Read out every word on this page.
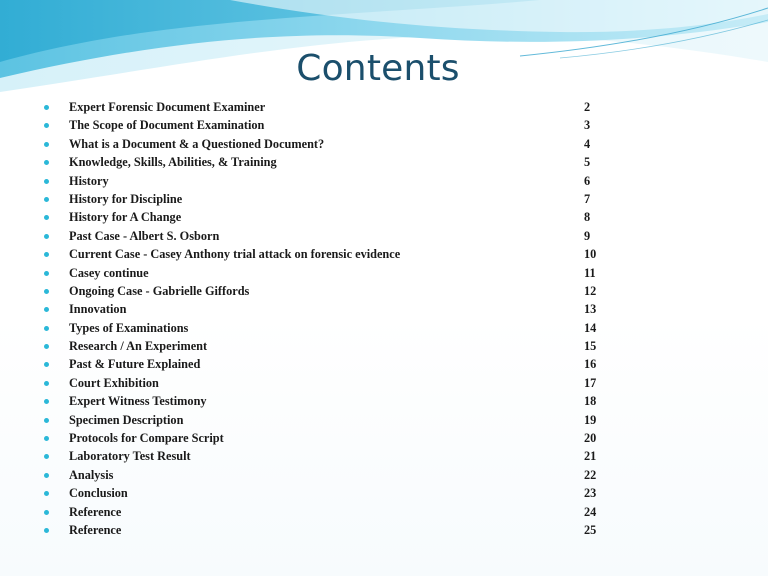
Contents
Expert Forensic Document Examiner	2
The Scope of Document Examination	3
What is a Document & a Questioned Document?	4
Knowledge, Skills, Abilities, & Training	5
History	6
History for Discipline	7
History for A Change	8
Past Case - Albert S. Osborn	9
Current Case - Casey Anthony trial attack on forensic evidence	10
Casey continue	11
Ongoing Case - Gabrielle Giffords	12
Innovation	13
Types of Examinations	14
Research / An Experiment	15
Past & Future Explained	16
Court Exhibition	17
Expert Witness Testimony	18
Specimen Description	19
Protocols for Compare Script	20
Laboratory Test Result	21
Analysis	22
Conclusion	23
Reference	24
Reference	25
